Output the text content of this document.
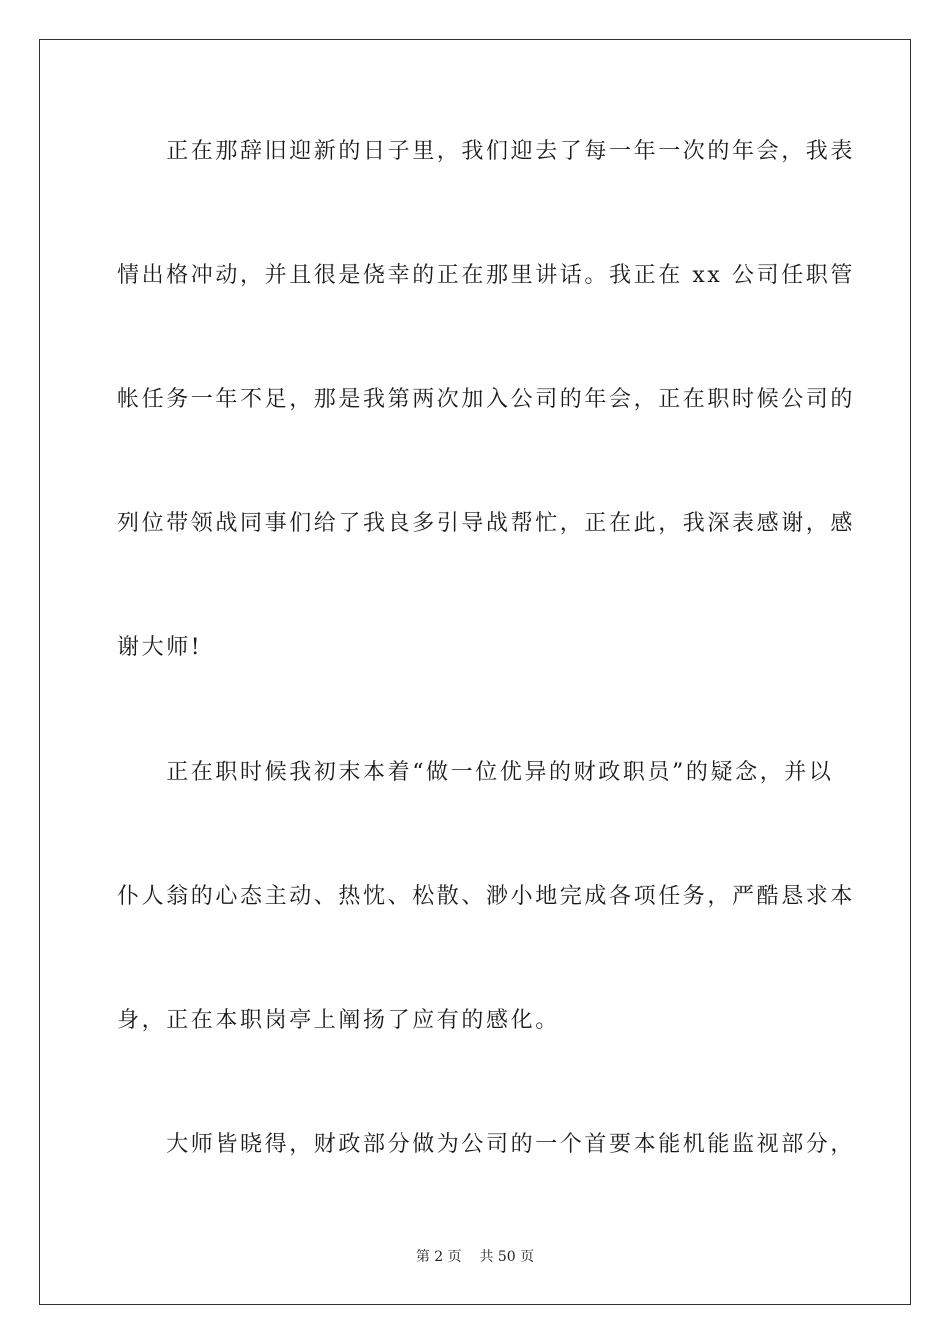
　　正在那辞旧迎新的日子里，我们迎去了每一年一次的年会，我表
情出格冲动，并且很是侥幸的正在那里讲话。我正在 xx 公司任职管
帐任务一年不足，那是我第两次加入公司的年会，正在职时候公司的
列位带领战同事们给了我良多引导战帮忙，正在此，我深表感谢，感
谢大师!
　　正在职时候我初末本着“做一位优异的财政职员”的疑念，并以
仆人翁的心态主动、热忱、松散、渺小地完成各项任务，严酷恳求本
身，正在本职岗亭上阐扬了应有的感化。
　　大师皆晓得，财政部分做为公司的一个首要本能机能监视部分，
第 2 页 共 50 页
